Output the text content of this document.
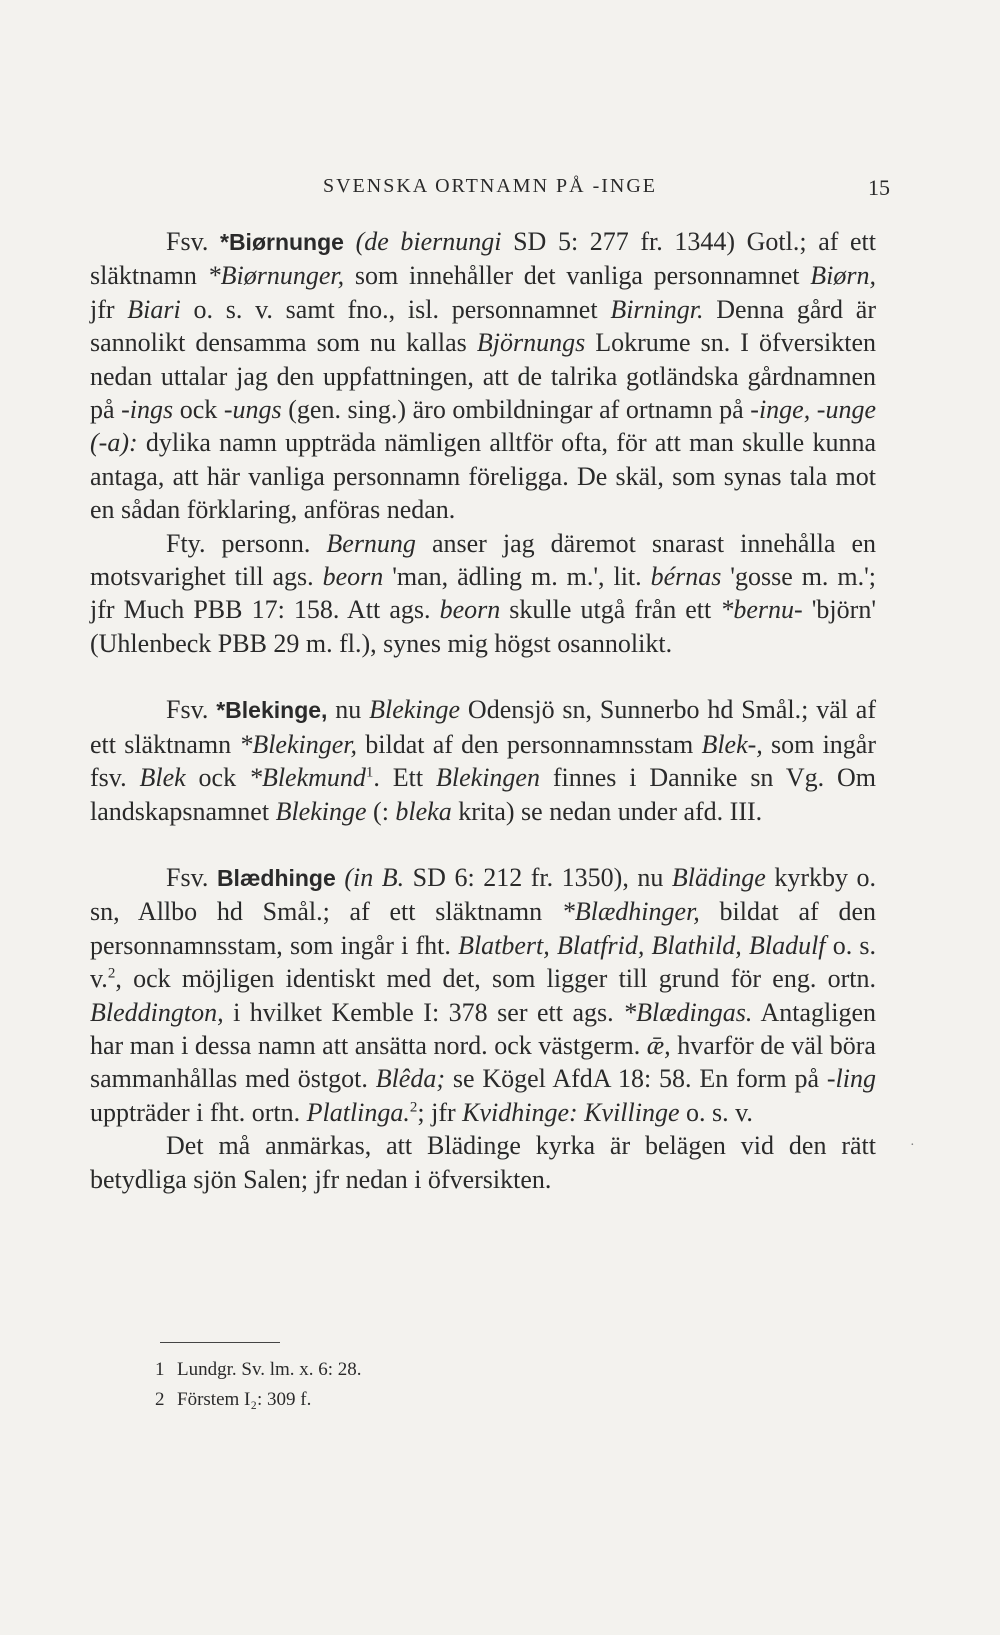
SVENSKA ORTNAMN PÅ -INGE	15

Fsv. *Biørnunge (de biernungi SD 5: 277 fr. 1344) Gotl.; af ett släktnamn *Biørnunger, som innehåller det vanliga personnamnet Biørn, jfr Biari o. s. v. samt fno., isl. personnamnet Birningr. Denna gård är sannolikt densamma som nu kallas Björnungs Lokrume sn. I öfversikten nedan uttalar jag den uppfattningen, att de talrika gotländska gårdnamnen på -ings ock -ungs (gen. sing.) äro ombildningar af ortnamn på -inge, -unge (-a): dylika namn uppträda nämligen alltför ofta, för att man skulle kunna antaga, att här vanliga personnamn föreligga. De skäl, som synas tala mot en sådan förklaring, anföras nedan.

Fty. personn. Bernung anser jag däremot snarast innehålla en motsvarighet till ags. beorn 'man, ädling m. m.', lit. bérnas 'gosse m. m.'; jfr Much PBB 17: 158. Att ags. beorn skulle utgå från ett *bernu- 'björn' (Uhlenbeck PBB 29 m. fl.), synes mig högst osannolikt.

Fsv. *Blekinge, nu Blekinge Odensjö sn, Sunnerbo hd Smål.; väl af ett släktnamn *Blekinger, bildat af den personnamnsstam Blek-, som ingår fsv. Blek ock *Blekmund$^1$. Ett Blekingen finnes i Dannike sn Vg. Om landskapsnamnet Blekinge (: bleka krita) se nedan under afd. III.

Fsv. Blædhinge (in B. SD 6: 212 fr. 1350), nu Blädinge kyrkby o. sn, Allbo hd Smål.; af ett släktnamn *Blædhinger, bildat af den personnamnsstam, som ingår i fht. Blatbert, Blatfrid, Blathild, Bladulf o. s. v.$^2$, ock möjligen identiskt med det, som ligger till grund för eng. ortn. Bleddington, i hvilket Kemble I: 378 ser ett ags. *Blædingas. Antagligen har man i dessa namn att ansätta nord. ock västgerm. ǣ, hvarför de väl böra sammanhållas med östgot. Blêda; se Kögel AfdA 18: 58. En form på -ling uppträder i fht. ortn. Platlinga.$^2$; jfr Kvidhinge: Kvillinge o. s. v.

Det må anmärkas, att Blädinge kyrka är belägen vid den rätt betydliga sjön Salen; jfr nedan i öfversikten.

1 Lundgr. Sv. lm. x. 6: 28.

2 Förstem I₂: 309 f.

·
